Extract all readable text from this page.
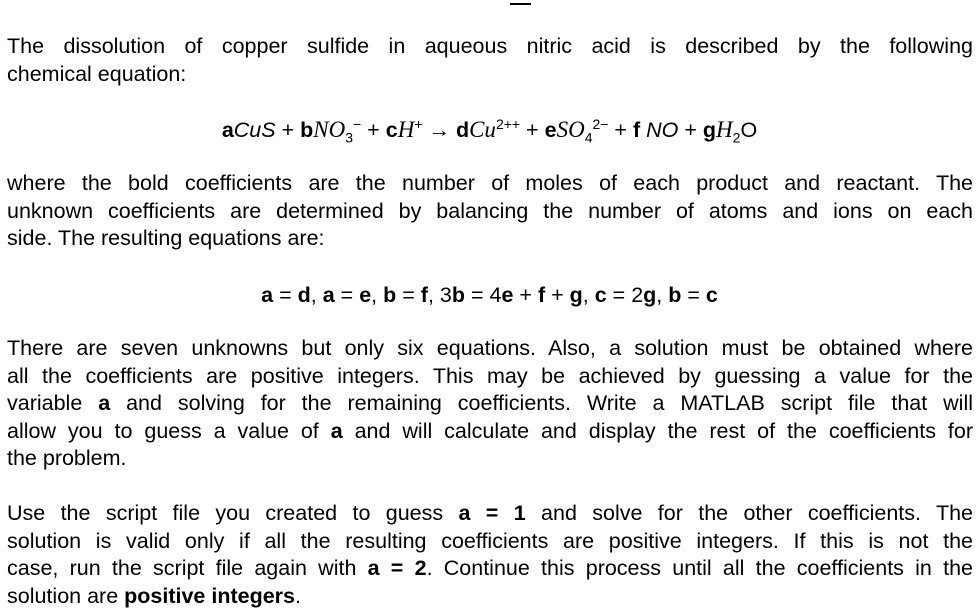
The dissolution of copper sulfide in aqueous nitric acid is described by the following
chemical equation:
where the bold coefficients are the number of moles of each product and reactant. The
unknown coefficients are determined by balancing the number of atoms and ions on each
side. The resulting equations are:
There are seven unknowns but only six equations. Also, a solution must be obtained where
all the coefficients are positive integers. This may be achieved by guessing a value for the
variable a and solving for the remaining coefficients. Write a MATLAB script file that will
allow you to guess a value of a and will calculate and display the rest of the coefficients for
the problem.
Use the script file you created to guess a = 1 and solve for the other coefficients. The
solution is valid only if all the resulting coefficients are positive integers. If this is not the
case, run the script file again with a = 2. Continue this process until all the coefficients in the
solution are positive integers.
aCuS + bNO$_3$− + cH+ → dCu$^{2++}$ + eSO$_4^{2-}$ + f NO + $gH_2O$
a = d, a = e, b = f, 3b = 4e + f + g, c = 2g, b = c
